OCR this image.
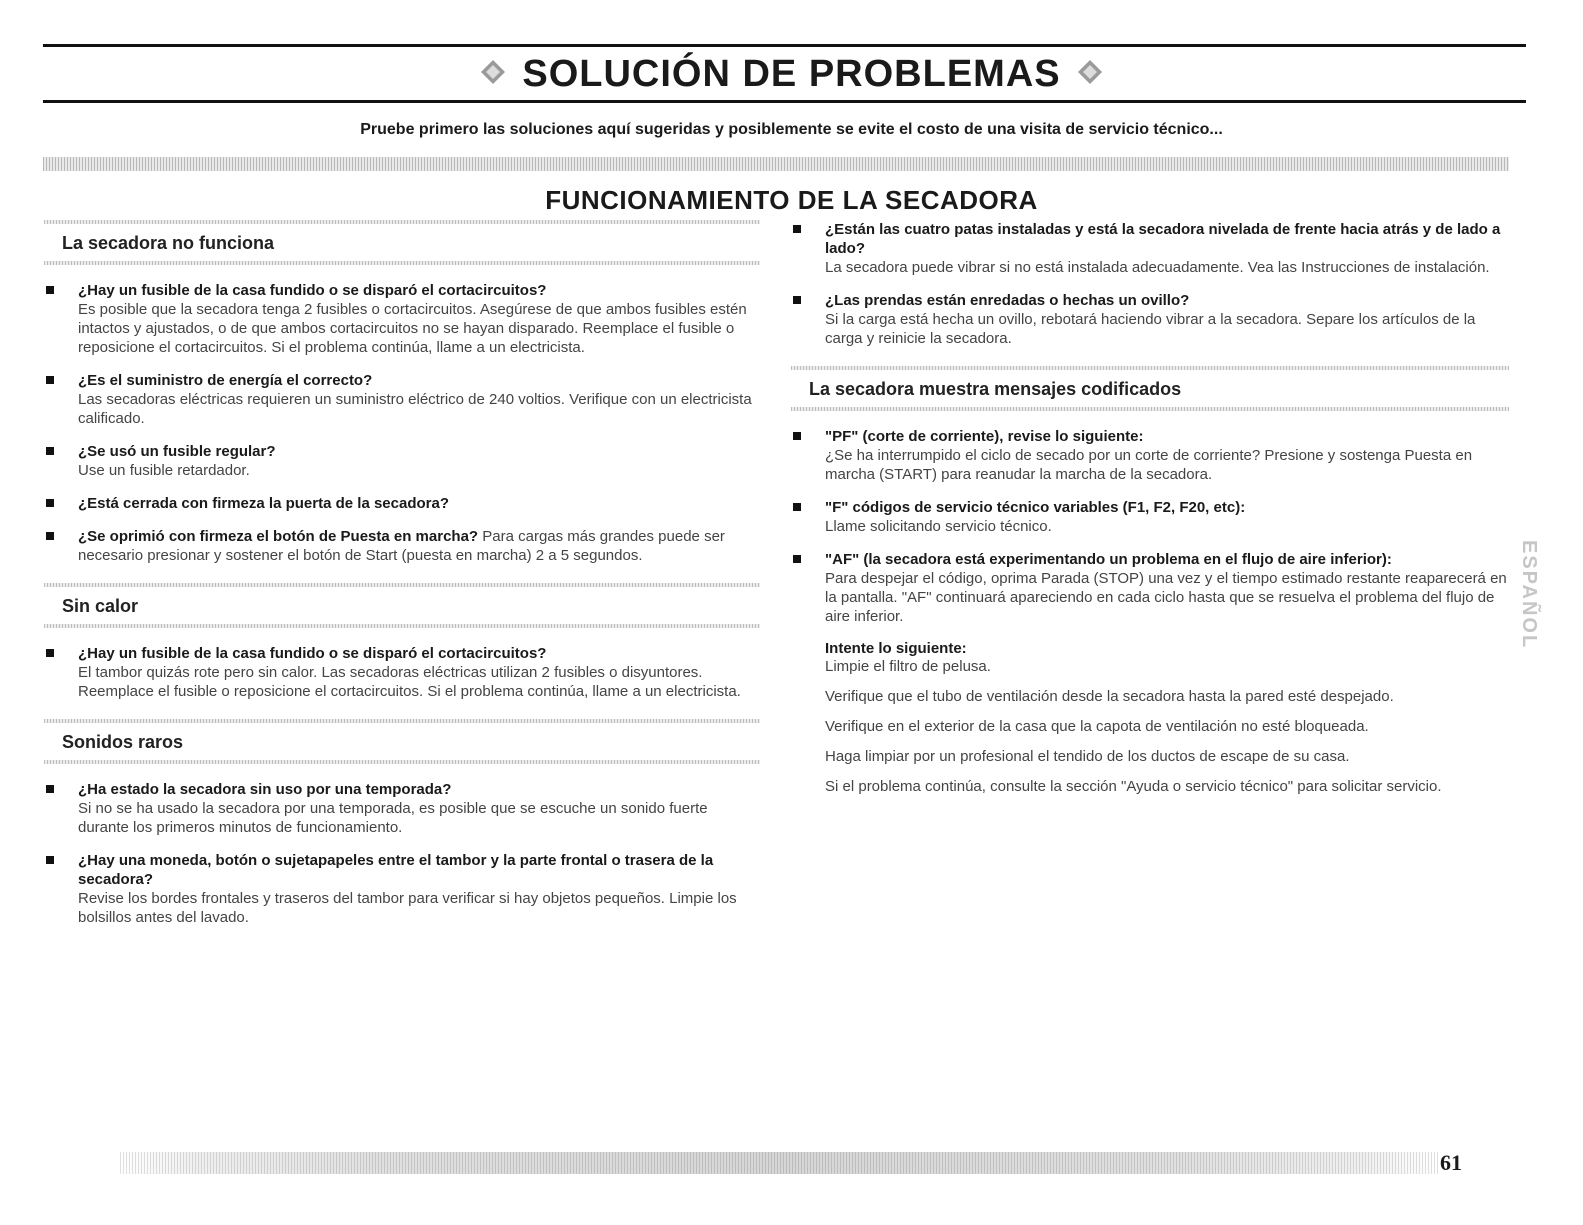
SOLUCIÓN DE PROBLEMAS
Pruebe primero las soluciones aquí sugeridas y posiblemente se evite el costo de una visita de servicio técnico...
FUNCIONAMIENTO DE LA SECADORA
La secadora no funciona
¿Hay un fusible de la casa fundido o se disparó el cortacircuitos?
Es posible que la secadora tenga 2 fusibles o cortacircuitos. Asegúrese de que ambos fusibles estén intactos y ajustados, o de que ambos cortacircuitos no se hayan disparado. Reemplace el fusible o reposicione el cortacircuitos. Si el problema continúa, llame a un electricista.
¿Es el suministro de energía el correcto?
Las secadoras eléctricas requieren un suministro eléctrico de 240 voltios. Verifique con un electricista calificado.
¿Se usó un fusible regular?
Use un fusible retardador.
¿Está cerrada con firmeza la puerta de la secadora?
¿Se oprimió con firmeza el botón de Puesta en marcha? Para cargas más grandes puede ser necesario presionar y sostener el botón de Start (puesta en marcha) 2 a 5 segundos.
Sin calor
¿Hay un fusible de la casa fundido o se disparó el cortacircuitos?
El tambor quizás rote pero sin calor. Las secadoras eléctricas utilizan 2 fusibles o disyuntores. Reemplace el fusible o reposicione el cortacircuitos. Si el problema continúa, llame a un electricista.
Sonidos raros
¿Ha estado la secadora sin uso por una temporada?
Si no se ha usado la secadora por una temporada, es posible que se escuche un sonido fuerte durante los primeros minutos de funcionamiento.
¿Hay una moneda, botón o sujetapapeles entre el tambor y la parte frontal o trasera de la secadora?
Revise los bordes frontales y traseros del tambor para verificar si hay objetos pequeños. Limpie los bolsillos antes del lavado.
¿Están las cuatro patas instaladas y está la secadora nivelada de frente hacia atrás y de lado a lado?
La secadora puede vibrar si no está instalada adecuadamente. Vea las Instrucciones de instalación.
¿Las prendas están enredadas o hechas un ovillo?
Si la carga está hecha un ovillo, rebotará haciendo vibrar a la secadora. Separe los artículos de la carga y reinicie la secadora.
La secadora muestra mensajes codificados
"PF" (corte de corriente), revise lo siguiente:
¿Se ha interrumpido el ciclo de secado por un corte de corriente? Presione y sostenga Puesta en marcha (START) para reanudar la marcha de la secadora.
"F" códigos de servicio técnico variables (F1, F2, F20, etc):
Llame solicitando servicio técnico.
"AF" (la secadora está experimentando un problema en el flujo de aire inferior):
Para despejar el código, oprima Parada (STOP) una vez y el tiempo estimado restante reaparecerá en la pantalla. "AF" continuará apareciendo en cada ciclo hasta que se resuelva el problema del flujo de aire inferior.
Intente lo siguiente:
Limpie el filtro de pelusa.
Verifique que el tubo de ventilación desde la secadora hasta la pared esté despejado.
Verifique en el exterior de la casa que la capota de ventilación no esté bloqueada.
Haga limpiar por un profesional el tendido de los ductos de escape de su casa.
Si el problema continúa, consulte la sección "Ayuda o servicio técnico" para solicitar servicio.
ESPAÑOL
61
